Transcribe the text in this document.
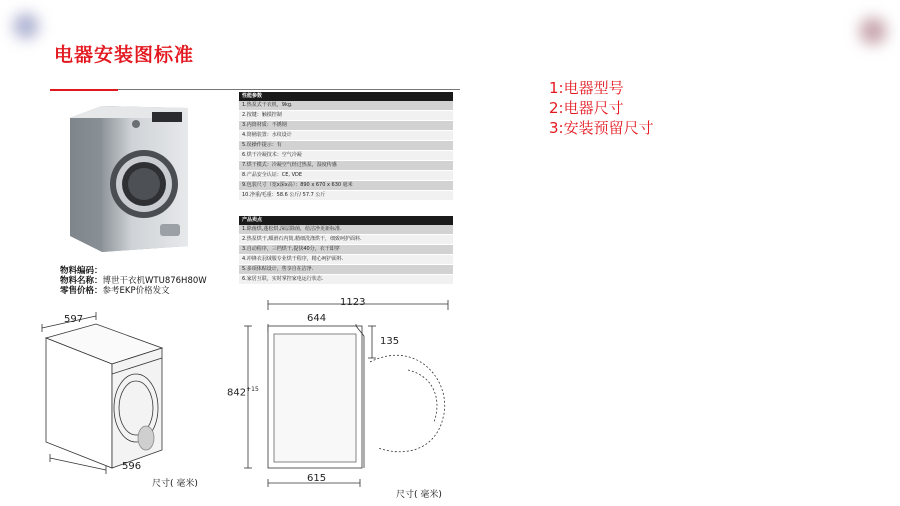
电器安装图标准
性能参数
1.热泵式干衣机，9kg.
2.按键：触摸控制
3.内筒材质：不锈钢
4.筒桶装置：水纹设计
5.误操作提示：有
6.烘干冷凝技术：空气冷凝
7.烘干模式：冷凝空气经过热泵，湿度传感
8.产品安全认证：CE, VDE
9.包装尺寸（宽x深x高）：890 x 670 x 630 毫米
10.净重/毛重：58.6 公斤/ 57.7 公斤
产品卖点
1.除菌烘,蓬松烘,深层除菌，给洁净更新标准.
2.热泵烘干,順滑石内筒,精细洗涤烘干，细致呵护面料.
3.自动程序，三档烘干,提快40分，衣干即穿
4.冲锋衣羽绒服专业烘干程序，精心呵护面料.
5.多项体贴设计，售享自在洁净.
6.家居互联，实时掌控家电运行状态.
物料编码：
物料名称：博世干衣机WTU876H80W
零售价格：参考EKP价格发文
1:电器型号
2:电器尺寸
3:安装预留尺寸
597
596
尺寸( 毫米)
1123
644
135
$842^{+15}$
615
尺寸( 毫米)
